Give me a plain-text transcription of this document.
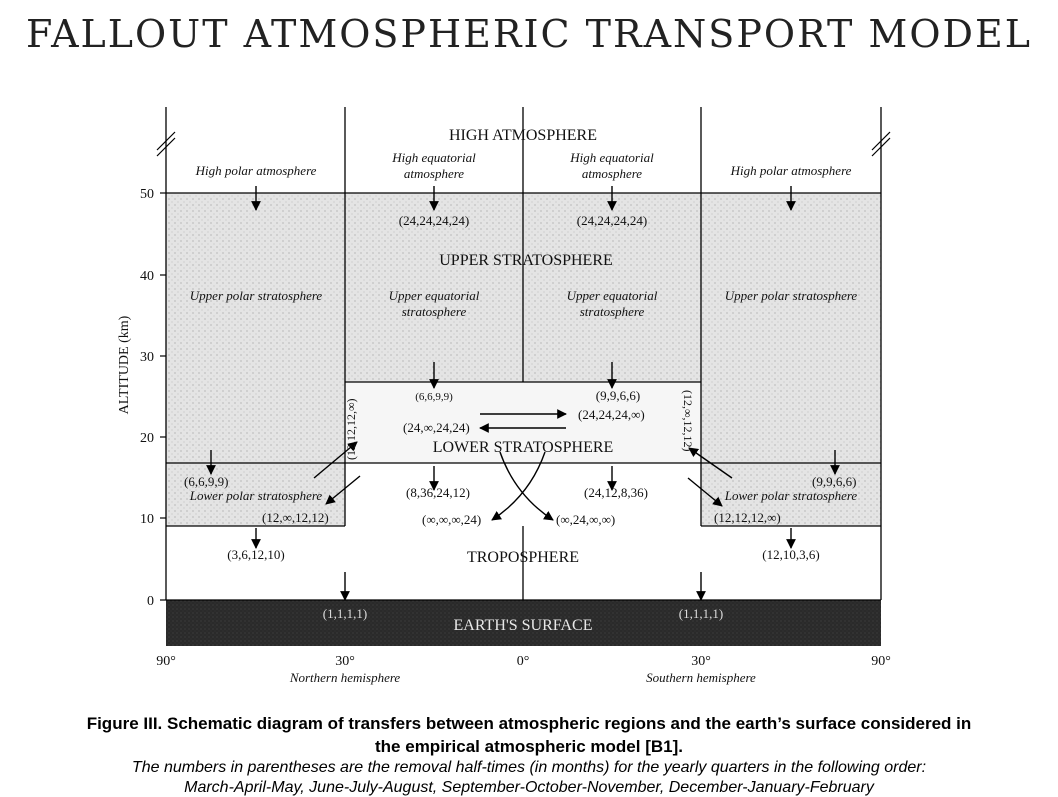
FALLOUT ATMOSPHERIC TRANSPORT MODEL
50
40
30
20
10
0
ALTITUDE (km)
90°	30°	0°	30°	90°
Northern hemisphere	Southern hemisphere
HIGH ATMOSPHERE
High polar atmosphere
High equatorial
atmosphere
High equatorial
atmosphere	High polar atmosphere
UPPER STRATOSPHERE
Upper polar stratosphere	Upper equatorial
stratosphere
Upper equatorial
stratosphere
Upper polar stratosphere
LOWER STRATOSPHERE
Lower polar stratosphere	Lower polar stratosphere
TROPOSPHERE
EARTH'S SURFACE
(24,24,24,24)	(24,24,24,24)
(6,6,9,9)	(9,9,6,6)
(24,24,24,∞)
(24,∞,24,24)
(6,6,9,9)	(9,9,6,6)
(12,12,12,∞)	(12,∞,12,12)
(8,36,24,12)	(24,12,8,36)
(∞,∞,∞,24)	(∞,24,∞,∞)
(12,∞,12,12)	(12,12,12,∞)
(3,6,12,10)	(12,10,3,6)
(1,1,1,1)	(1,1,1,1)
Figure III. Schematic diagram of transfers between atmospheric regions and the earth’s surface considered in
the empirical atmospheric model [B1].
The numbers in parentheses are the removal half-times (in months) for the yearly quarters in the following order:
March-April-May, June-July-August, September-October-November, December-January-February
